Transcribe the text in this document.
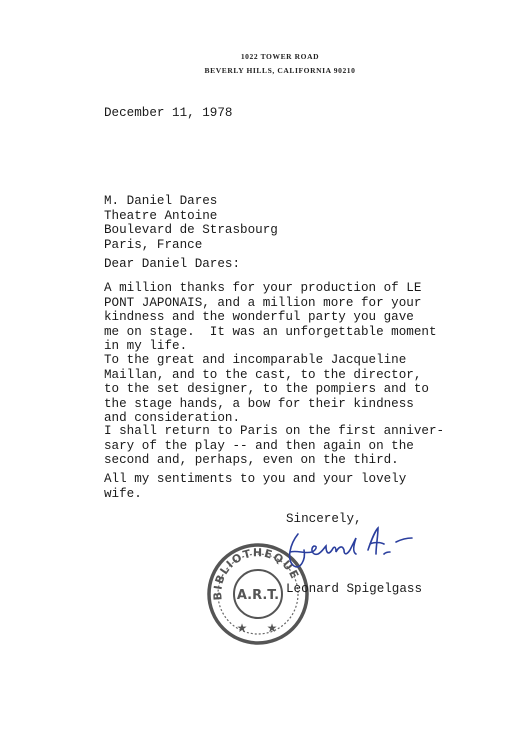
1022 TOWER ROAD
BEVERLY HILLS, CALIFORNIA 90210
December 11, 1978
M. Daniel Dares
Theatre Antoine
Boulevard de Strasbourg
Paris, France
Dear Daniel Dares:
A million thanks for your production of LE
PONT JAPONAIS, and a million more for your
kindness and the wonderful party you gave
me on stage.  It was an unforgettable moment
in my life.
To the great and incomparable Jacqueline
Maillan, and to the cast, to the director,
to the set designer, to the pompiers and to
the stage hands, a bow for their kindness
and consideration.
I shall return to Paris on the first anniver-
sary of the play -- and then again on the
second and, perhaps, even on the third.
All my sentiments to you and your lovely
wife.
Sincerely,
BIBLIOTHEQUE
A.R.T.
★ ★
Leonard Spigelgass
